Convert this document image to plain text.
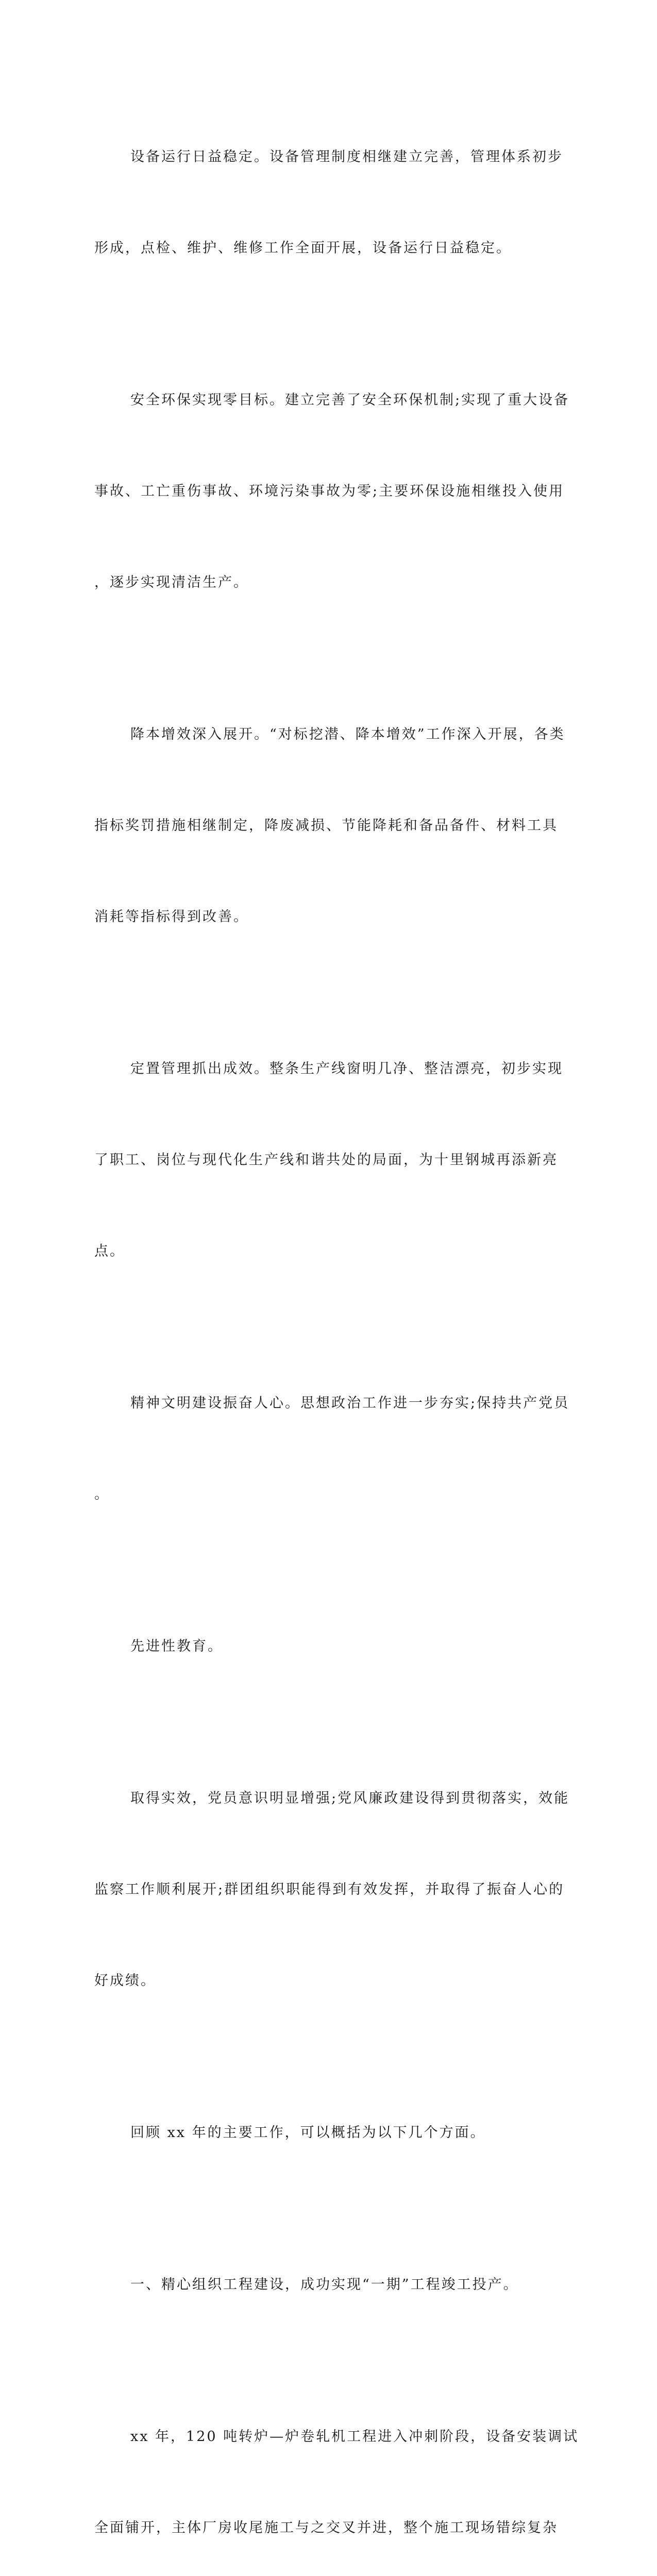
设备运行日益稳定。设备管理制度相继建立完善，管理体系初步

形成，点检、维护、维修工作全面开展，设备运行日益稳定。

安全环保实现零目标。建立完善了安全环保机制;实现了重大设备

事故、工亡重伤事故、环境污染事故为零;主要环保设施相继投入使用

，逐步实现清洁生产。

降本增效深入展开。“对标挖潜、降本增效”工作深入开展，各类

指标奖罚措施相继制定，降废减损、节能降耗和备品备件、材料工具

消耗等指标得到改善。

定置管理抓出成效。整条生产线窗明几净、整洁漂亮，初步实现

了职工、岗位与现代化生产线和谐共处的局面，为十里钢城再添新亮

点。

精神文明建设振奋人心。思想政治工作进一步夯实;保持共产党员

。

先进性教育。

取得实效，党员意识明显增强;党风廉政建设得到贯彻落实，效能

监察工作顺利展开;群团组织职能得到有效发挥，并取得了振奋人心的

好成绩。

回顾 xx 年的主要工作，可以概括为以下几个方面。

一、精心组织工程建设，成功实现“一期”工程竣工投产。

xx 年，120 吨转炉—炉卷轧机工程进入冲刺阶段，设备安装调试

全面铺开，主体厂房收尾施工与之交叉并进，整个施工现场错综复杂
